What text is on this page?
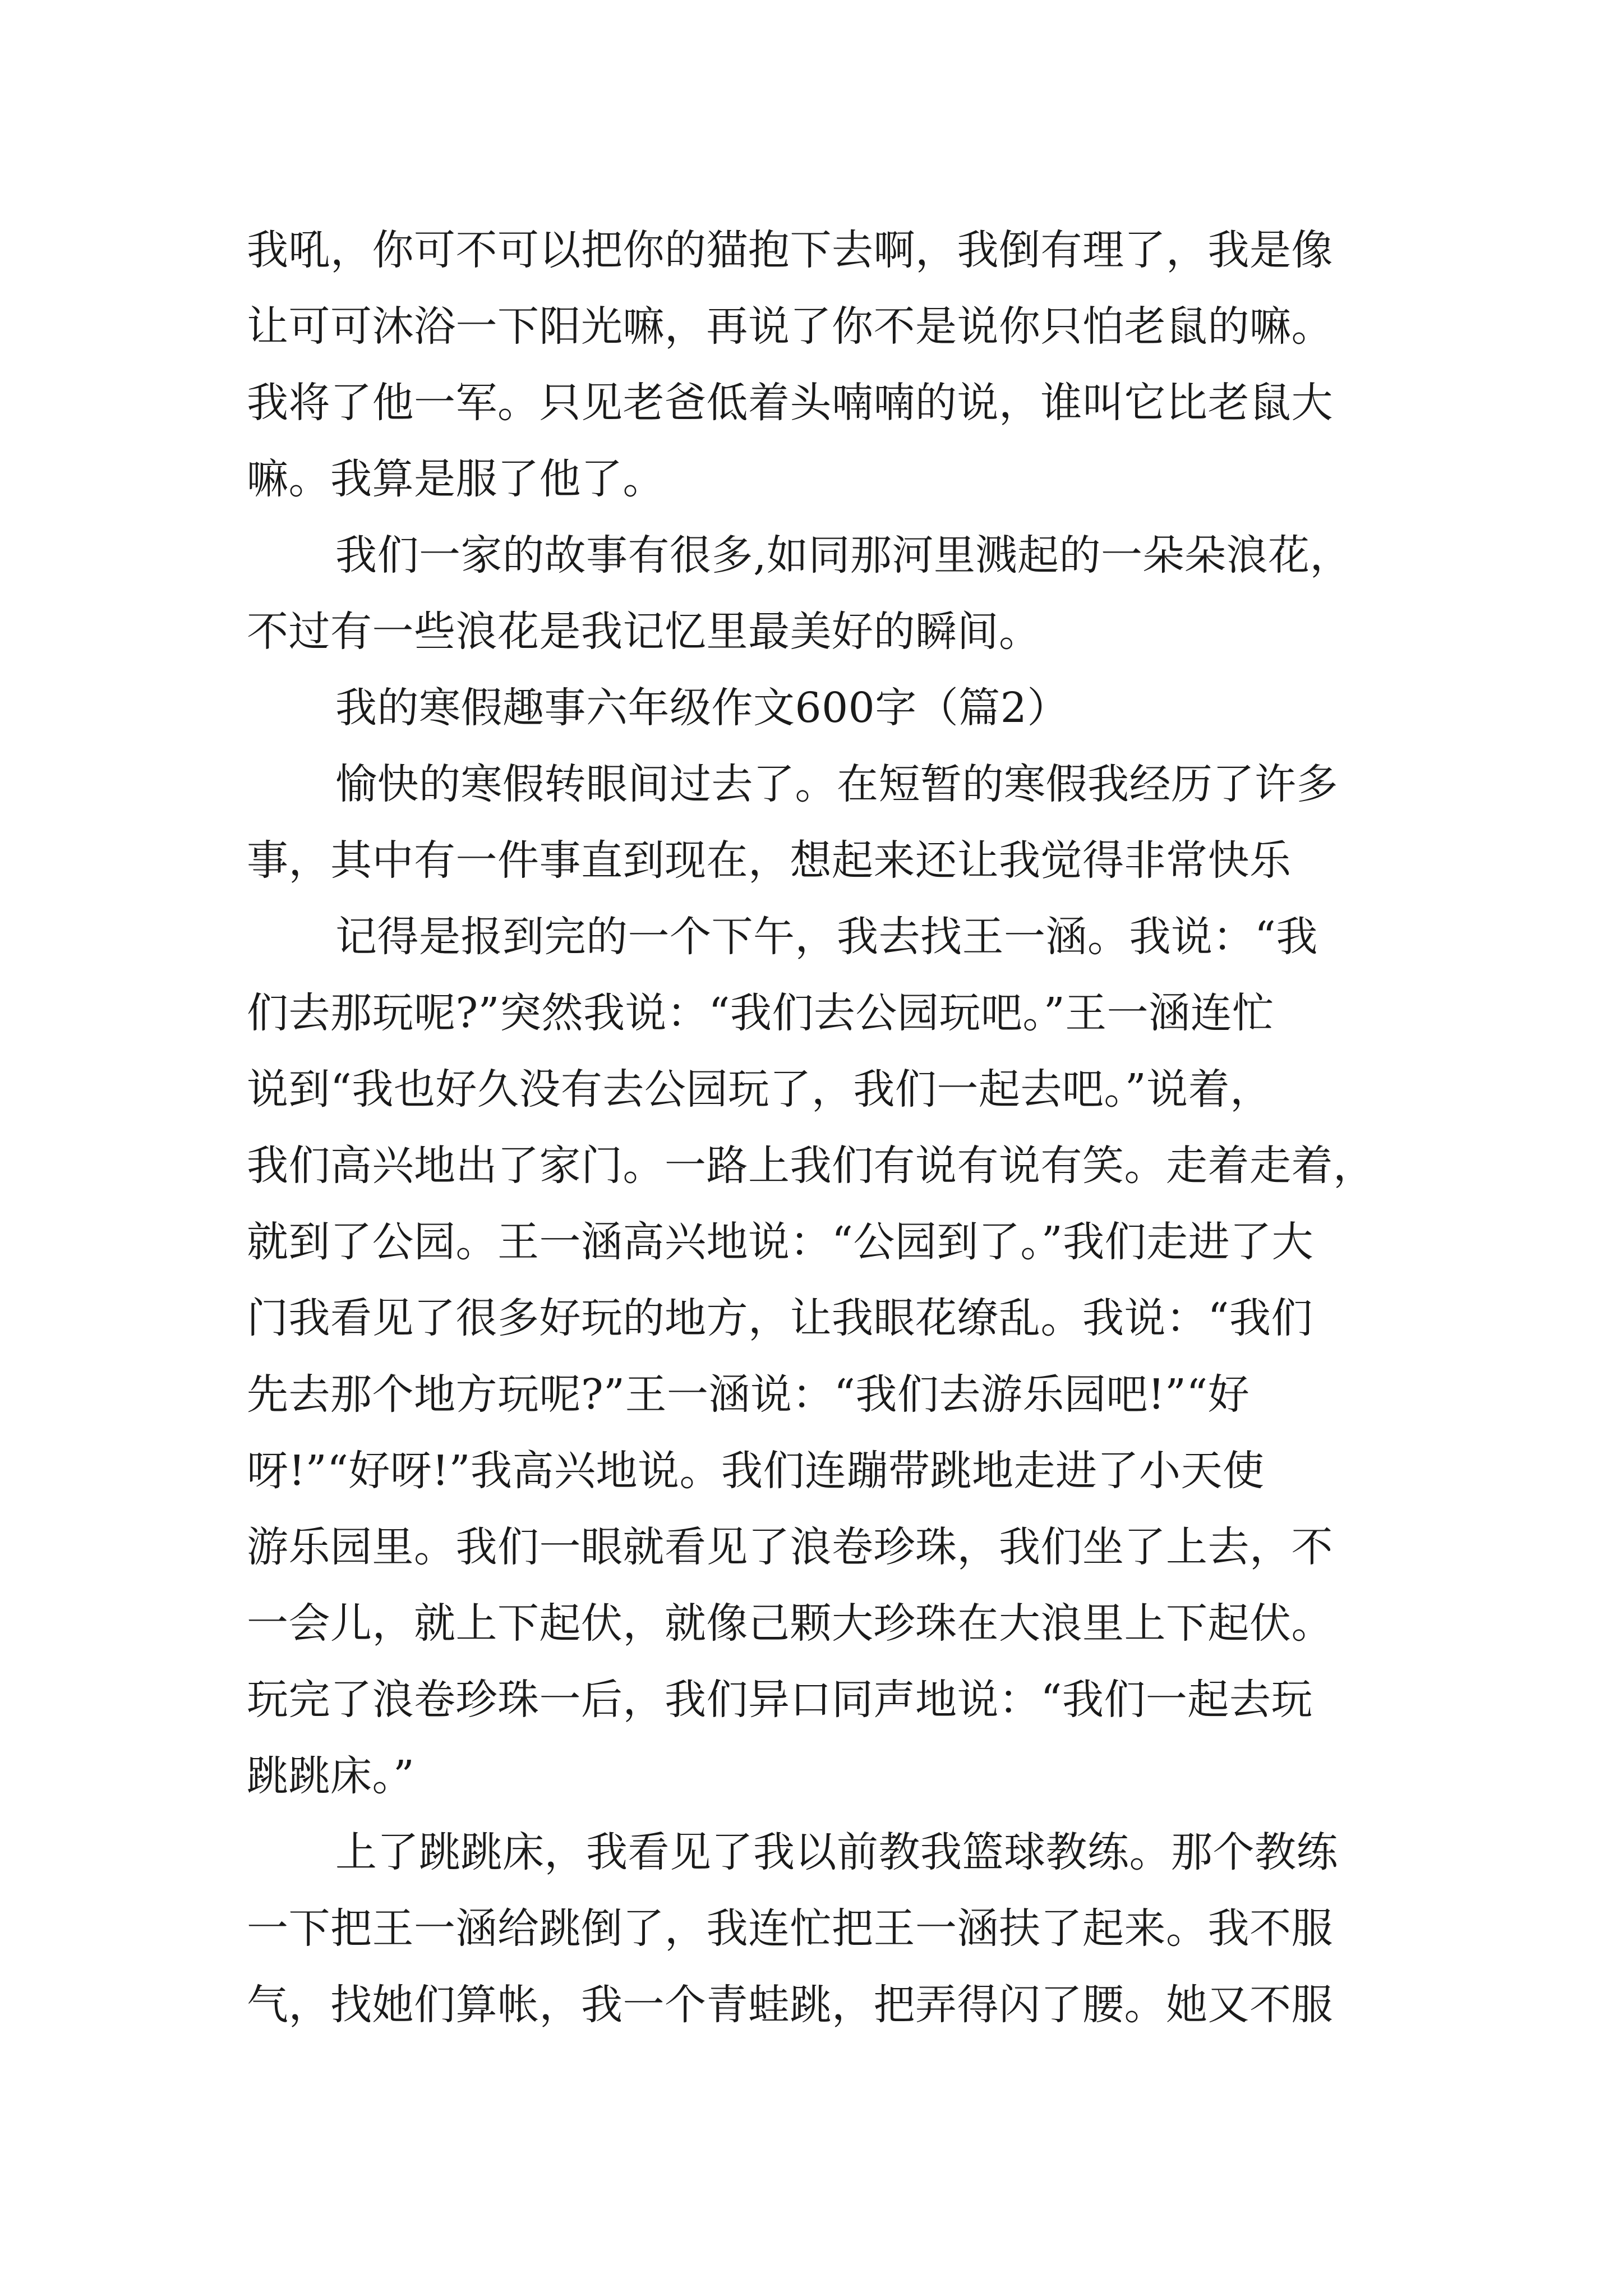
我吼，你可不可以把你的猫抱下去啊，我倒有理了，我是像
让可可沐浴一下阳光嘛，再说了你不是说你只怕老鼠的嘛。
我将了他一军。只见老爸低着头喃喃的说，谁叫它比老鼠大
嘛。我算是服了他了。
我们一家的故事有很多,如同那河里溅起的一朵朵浪花，
不过有一些浪花是我记忆里最美好的瞬间。
我的寒假趣事六年级作文600字（篇2）
愉快的寒假转眼间过去了。在短暂的寒假我经历了许多
事，其中有一件事直到现在，想起来还让我觉得非常快乐
记得是报到完的一个下午，我去找王一涵。我说：“我
们去那玩呢?”突然我说：“我们去公园玩吧。”王一涵连忙
说到“我也好久没有去公园玩了，我们一起去吧。”说着，
我们高兴地出了家门。一路上我们有说有说有笑。走着走着，
就到了公园。王一涵高兴地说：“公园到了。”我们走进了大
门我看见了很多好玩的地方，让我眼花缭乱。我说：“我们
先去那个地方玩呢?”王一涵说：“我们去游乐园吧!”“好
呀!”“好呀!”我高兴地说。我们连蹦带跳地走进了小天使
游乐园里。我们一眼就看见了浪卷珍珠，我们坐了上去，不
一会儿，就上下起伏，就像己颗大珍珠在大浪里上下起伏。
玩完了浪卷珍珠一后，我们异口同声地说：“我们一起去玩
跳跳床。”
上了跳跳床，我看见了我以前教我篮球教练。那个教练
一下把王一涵给跳倒了，我连忙把王一涵扶了起来。我不服
气，找她们算帐，我一个青蛙跳，把弄得闪了腰。她又不服
